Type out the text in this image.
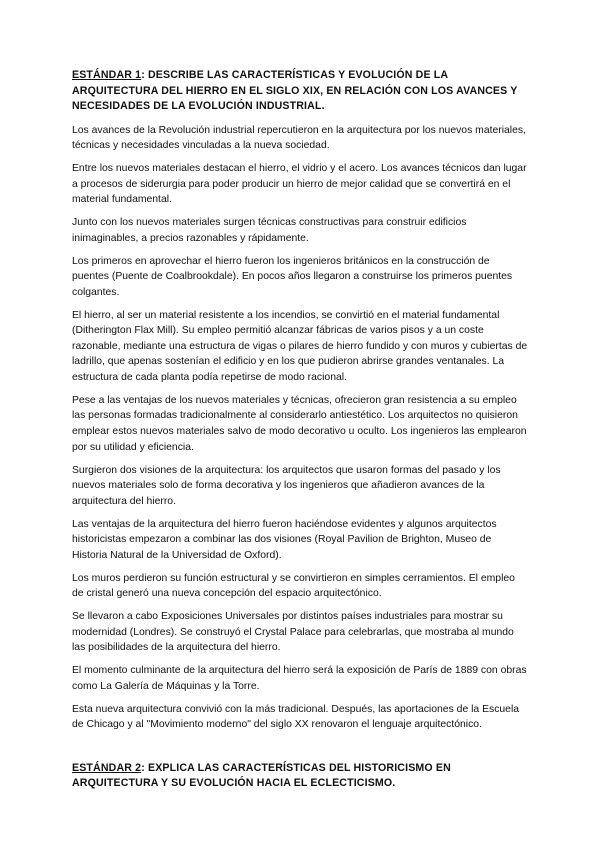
ESTÁNDAR 1: DESCRIBE LAS CARACTERÍSTICAS Y EVOLUCIÓN DE LA ARQUITECTURA DEL HIERRO EN EL SIGLO XIX, EN RELACIÓN CON LOS AVANCES Y NECESIDADES DE LA EVOLUCIÓN INDUSTRIAL.

Los avances de la Revolución industrial repercutieron en la arquitectura por los nuevos materiales, técnicas y necesidades vinculadas a la nueva sociedad.

Entre los nuevos materiales destacan el hierro, el vidrio y el acero. Los avances técnicos dan lugar a procesos de siderurgia para poder producir un hierro de mejor calidad que se convertirá en el material fundamental.

Junto con los nuevos materiales surgen técnicas constructivas para construir edificios inimaginables, a precios razonables y rápidamente.

Los primeros en aprovechar el hierro fueron los ingenieros británicos en la construcción de puentes (Puente de Coalbrookdale). En pocos años llegaron a construirse los primeros puentes colgantes.

El hierro, al ser un material resistente a los incendios, se convirtió en el material fundamental (Ditherington Flax Mill). Su empleo permitió alcanzar fábricas de varios pisos y a un coste razonable, mediante una estructura de vigas o pilares de hierro fundido y con muros y cubiertas de ladrillo, que apenas sostenían el edificio y en los que pudieron abrirse grandes ventanales. La estructura de cada planta podía repetirse de modo racional.

Pese a las ventajas de los nuevos materiales y técnicas, ofrecieron gran resistencia a su empleo las personas formadas tradicionalmente al considerarlo antiestético. Los arquitectos no quisieron emplear estos nuevos materiales salvo de modo decorativo u oculto. Los ingenieros las emplearon por su utilidad y eficiencia.

Surgieron dos visiones de la arquitectura: los arquitectos que usaron formas del pasado y los nuevos materiales solo de forma decorativa y los ingenieros que añadieron avances de la arquitectura del hierro.

Las ventajas de la arquitectura del hierro fueron haciéndose evidentes y algunos arquitectos historicistas empezaron a combinar las dos visiones (Royal Pavilion de Brighton, Museo de Historia Natural de la Universidad de Oxford).

Los muros perdieron su función estructural y se convirtieron en simples cerramientos. El empleo de cristal generó una nueva concepción del espacio arquitectónico.

Se llevaron a cabo Exposiciones Universales por distintos países industriales para mostrar su modernidad (Londres). Se construyó el Crystal Palace para celebrarlas, que mostraba al mundo las posibilidades de la arquitectura del hierro.

El momento culminante de la arquitectura del hierro será la exposición de París de 1889 con obras como La Galería de Máquinas y la Torre.

Esta nueva arquitectura convivió con la más tradicional. Después, las aportaciones de la Escuela de Chicago y al "Movimiento moderno" del siglo XX renovaron el lenguaje arquitectónico.

ESTÁNDAR 2: EXPLICA LAS CARACTERÍSTICAS DEL HISTORICISMO EN ARQUITECTURA Y SU EVOLUCIÓN HACIA EL ECLECTICISMO.
